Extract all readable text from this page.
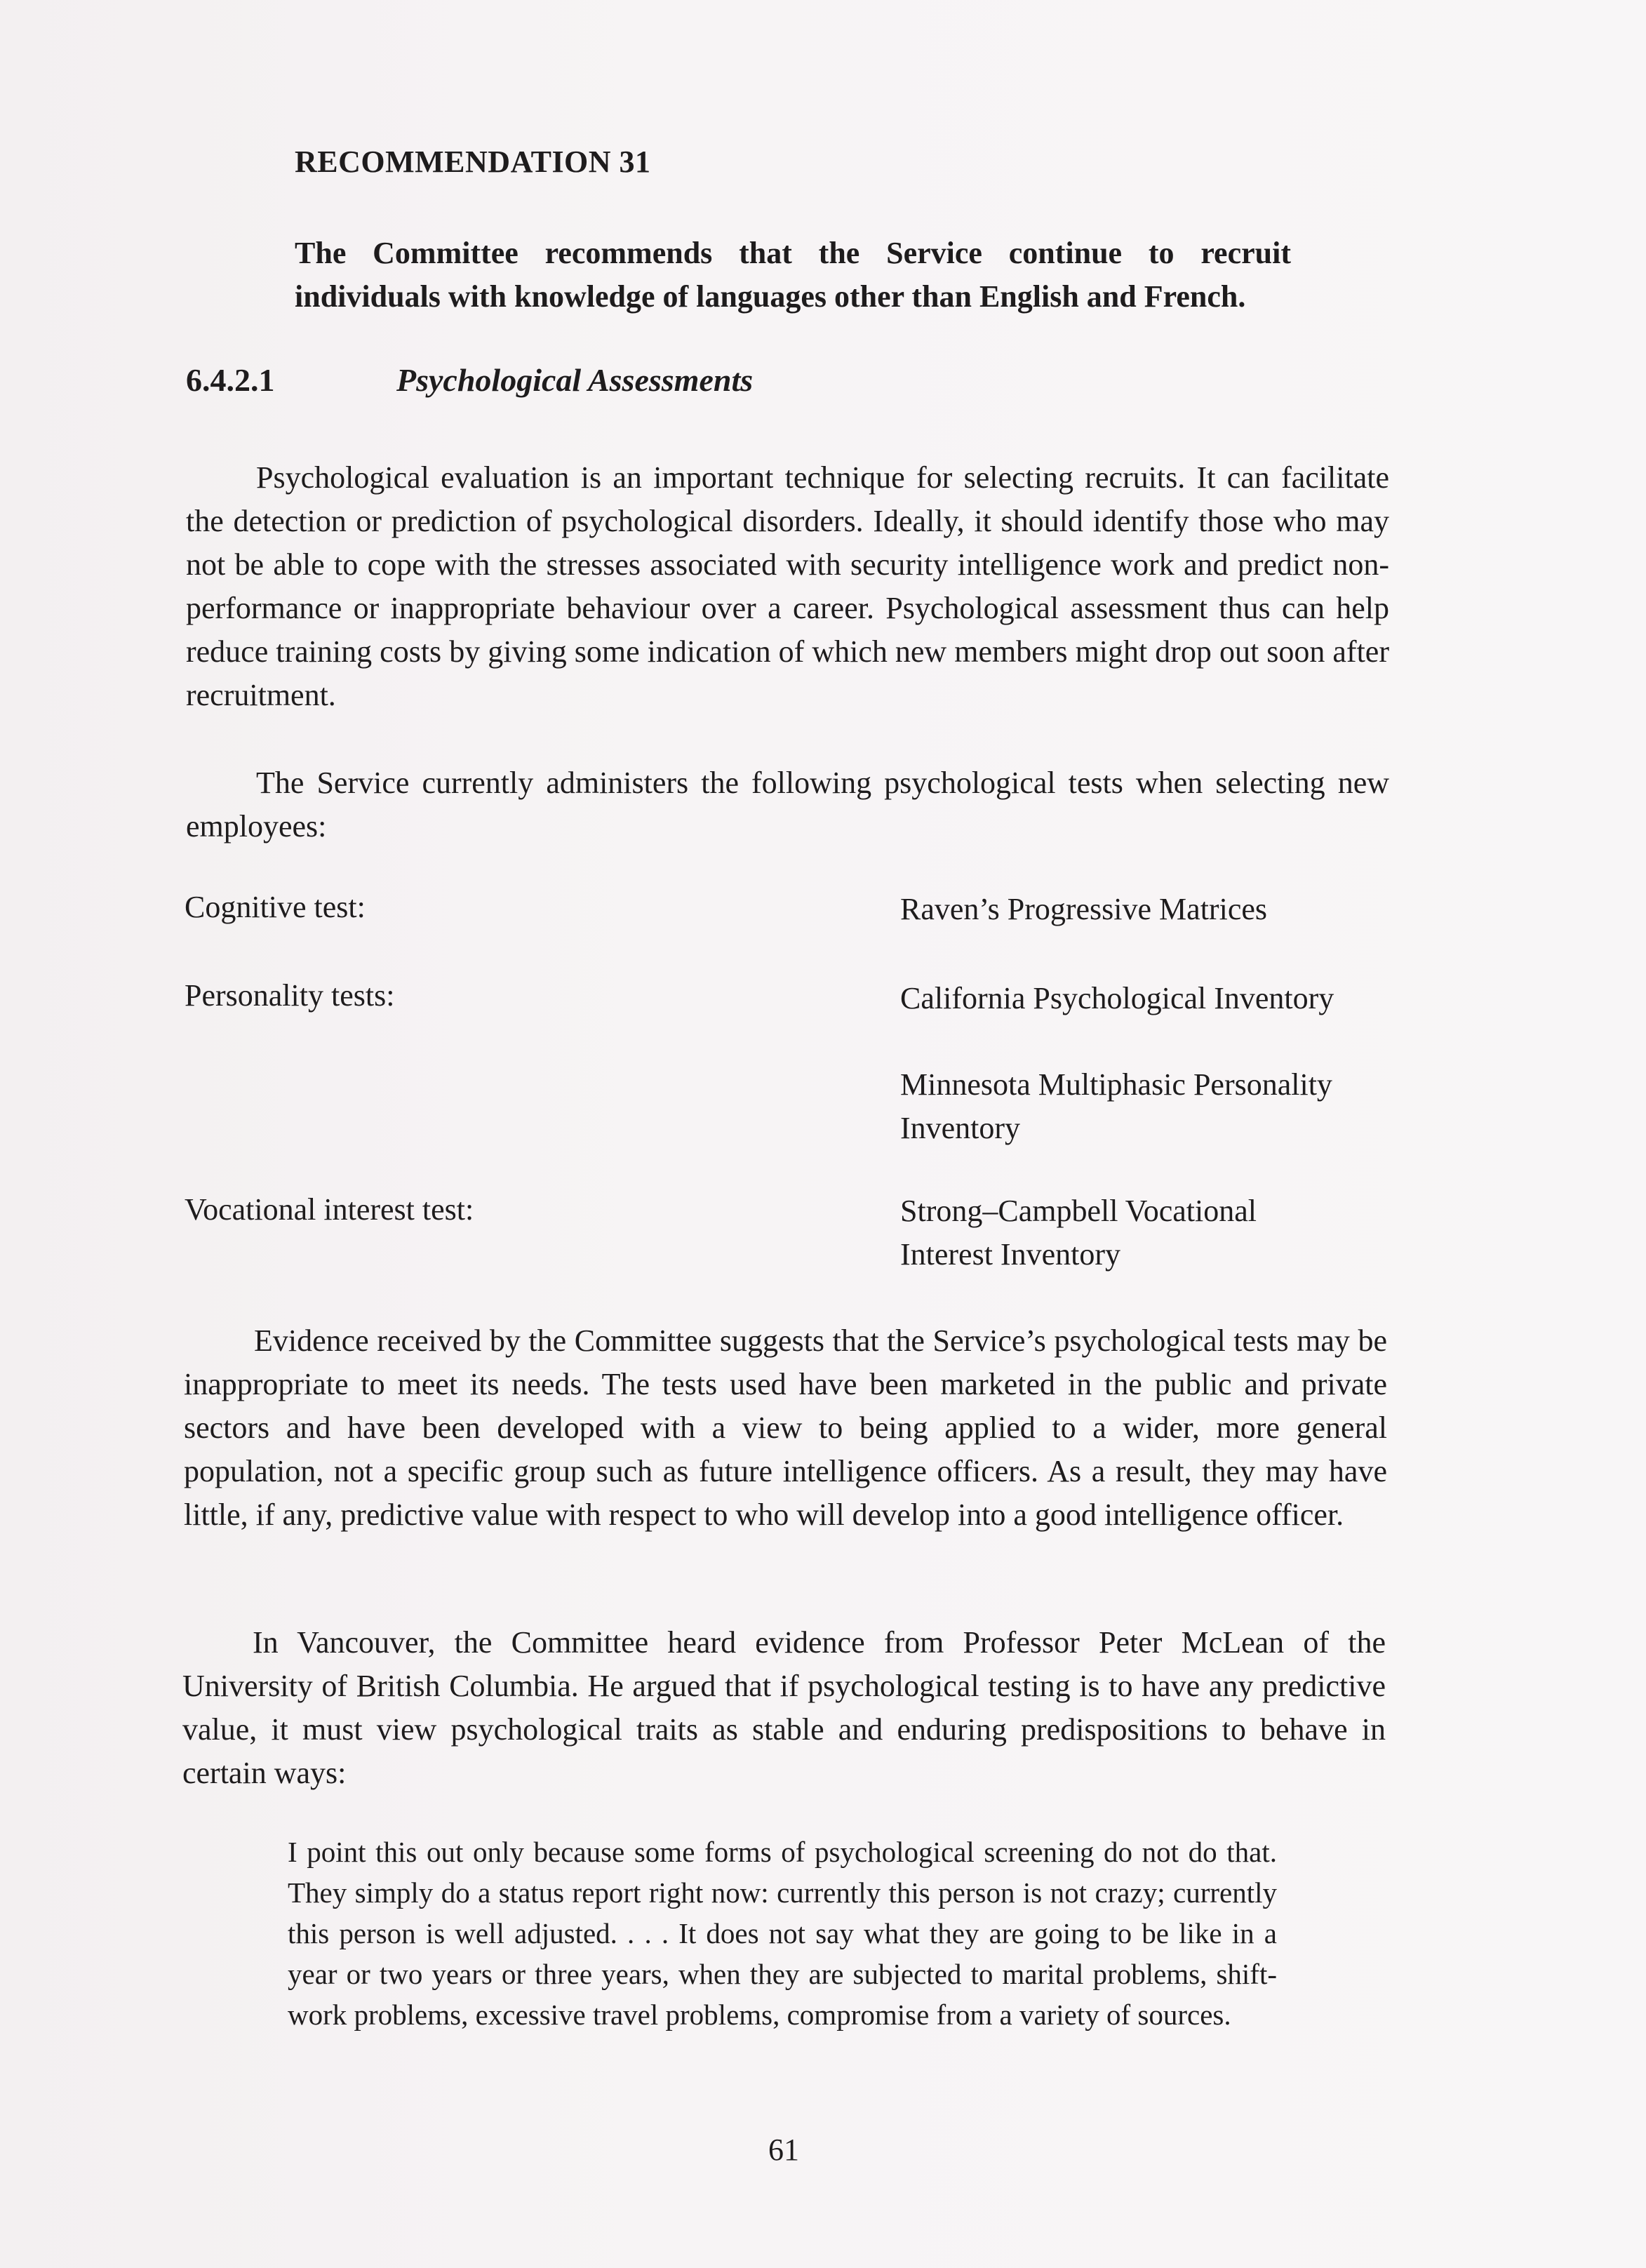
RECOMMENDATION 31
The Committee recommends that the Service continue to recruit individuals with knowledge of languages other than English and French.
6.4.2.1	Psychological Assessments
Psychological evaluation is an important technique for selecting recruits. It can facilitate the detection or prediction of psychological disorders. Ideally, it should identify those who may not be able to cope with the stresses associated with security intelligence work and predict non-performance or inappropriate behaviour over a career. Psychological assessment thus can help reduce training costs by giving some indication of which new members might drop out soon after recruitment.
The Service currently administers the following psychological tests when selecting new employees:
Cognitive test:	Raven’s Progressive Matrices
Personality tests:	California Psychological Inventory
Minnesota Multiphasic Personality Inventory
Vocational interest test:	Strong–Campbell Vocational Interest Inventory
Evidence received by the Committee suggests that the Service’s psychological tests may be inappropriate to meet its needs. The tests used have been marketed in the public and private sectors and have been developed with a view to being applied to a wider, more general population, not a specific group such as future intelligence officers. As a result, they may have little, if any, predictive value with respect to who will develop into a good intelligence officer.
In Vancouver, the Committee heard evidence from Professor Peter McLean of the University of British Columbia. He argued that if psychological testing is to have any predictive value, it must view psychological traits as stable and enduring predispositions to behave in certain ways:
I point this out only because some forms of psychological screening do not do that. They simply do a status report right now: currently this person is not crazy; currently this person is well adjusted. . . . It does not say what they are going to be like in a year or two years or three years, when they are subjected to marital problems, shift-work problems, excessive travel problems, compromise from a variety of sources.
61
